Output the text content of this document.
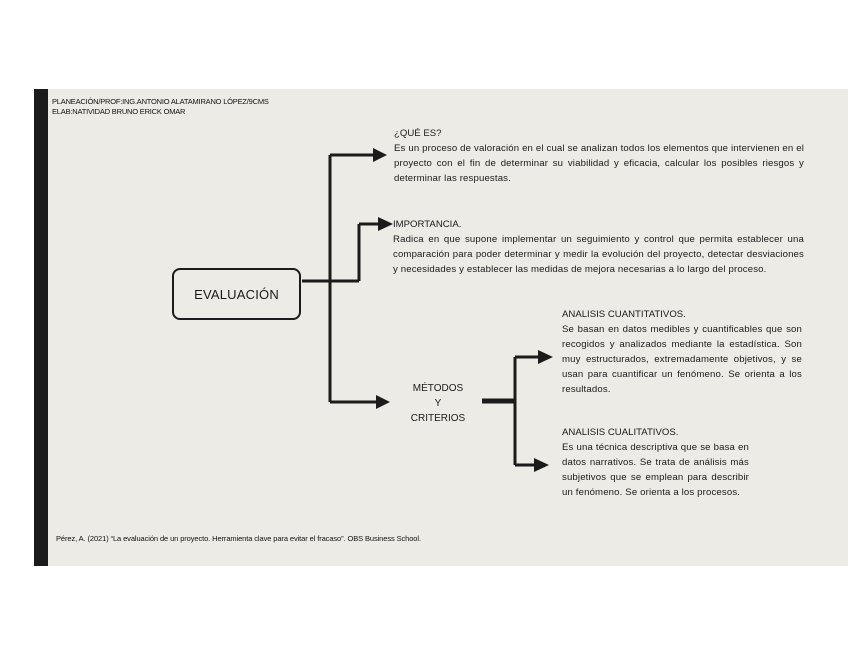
PLANEACIÓN/PROF:ING.ANTONIO ALATAMIRANO LÓPEZ/9CMS
ELAB:NATIVIDAD BRUNO ERICK OMAR
EVALUACIÓN
¿QUÉ ES?
Es un proceso de valoración en el cual se analizan todos los elementos que intervienen en el proyecto con el fin de determinar su viabilidad y eficacia, calcular los posibles riesgos y determinar las respuestas.
IMPORTANCIA.
Radica en que supone implementar un seguimiento y control que permita establecer una comparación para poder determinar y medir la evolución del proyecto, detectar desviaciones y necesidades y establecer las medidas de mejora necesarias a lo largo del proceso.
MÉTODOS
Y
CRITERIOS
ANALISIS CUANTITATIVOS.
Se basan en datos medibles y cuantificables que son recogidos y analizados mediante la estadística. Son muy estructurados, extremadamente objetivos, y se usan para cuantificar un fenómeno. Se orienta a los resultados.
ANALISIS CUALITATIVOS.
Es una técnica descriptiva que se basa en datos narrativos. Se trata de análisis más subjetivos que se emplean para describir un fenómeno. Se orienta a los procesos.
Pérez, A. (2021) “La evaluación de un proyecto. Herramienta clave para evitar el fracaso”. OBS Business School.
